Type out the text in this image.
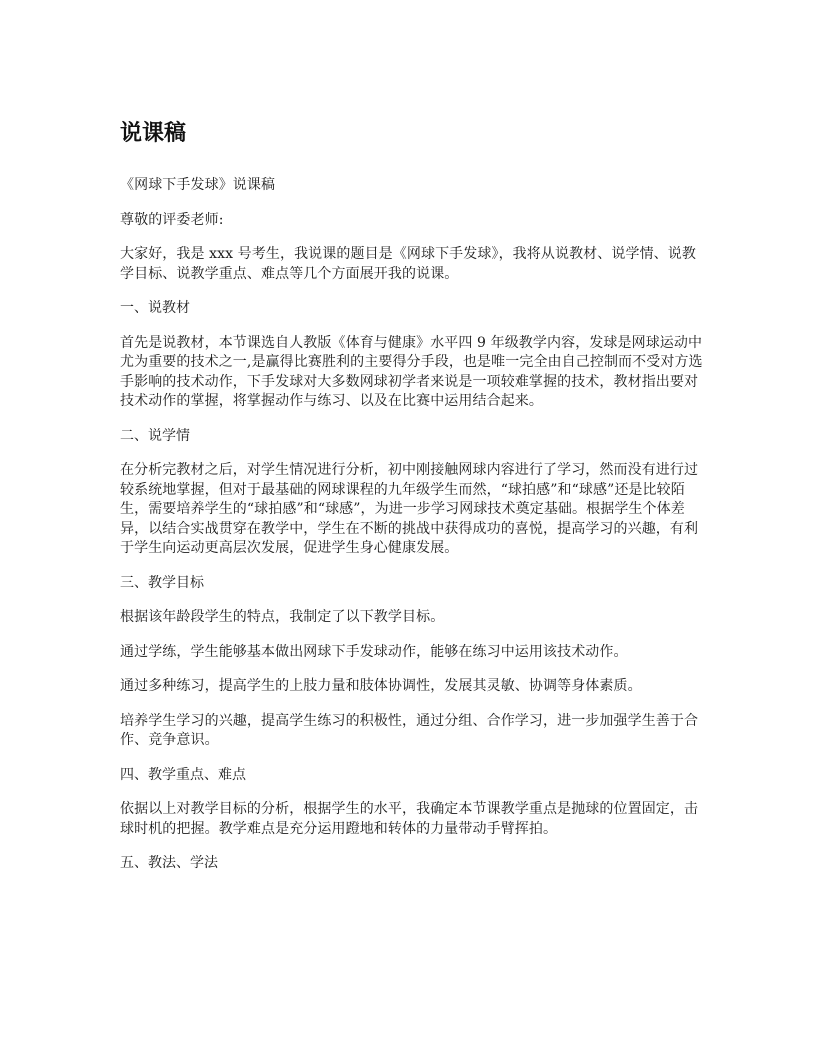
说课稿

《网球下手发球》说课稿

尊敬的评委老师:

大家好，我是 xxx 号考生，我说课的题目是《网球下手发球》，我将从说教材、说学情、说教学目标、说教学重点、难点等几个方面展开我的说课。

一、说教材

首先是说教材，本节课选自人教版《体育与健康》水平四 9 年级教学内容，发球是网球运动中尤为重要的技术之一,是赢得比赛胜利的主要得分手段，也是唯一完全由自己控制而不受对方选手影响的技术动作，下手发球对大多数网球初学者来说是一项较难掌握的技术，教材指出要对技术动作的掌握，将掌握动作与练习、以及在比赛中运用结合起来。

二、说学情

在分析完教材之后，对学生情况进行分析，初中刚接触网球内容进行了学习，然而没有进行过较系统地掌握，但对于最基础的网球课程的九年级学生而然，“球拍感”和“球感”还是比较陌生，需要培养学生的“球拍感”和“球感”，为进一步学习网球技术奠定基础。根据学生个体差异，以结合实战贯穿在教学中，学生在不断的挑战中获得成功的喜悦，提高学习的兴趣，有利于学生向运动更高层次发展，促进学生身心健康发展。

三、教学目标

根据该年龄段学生的特点，我制定了以下教学目标。

通过学练，学生能够基本做出网球下手发球动作，能够在练习中运用该技术动作。

通过多种练习，提高学生的上肢力量和肢体协调性，发展其灵敏、协调等身体素质。

培养学生学习的兴趣，提高学生练习的积极性，通过分组、合作学习，进一步加强学生善于合作、竞争意识。

四、教学重点、难点

依据以上对教学目标的分析，根据学生的水平，我确定本节课教学重点是抛球的位置固定，击球时机的把握。教学难点是充分运用蹬地和转体的力量带动手臂挥拍。

五、教法、学法
